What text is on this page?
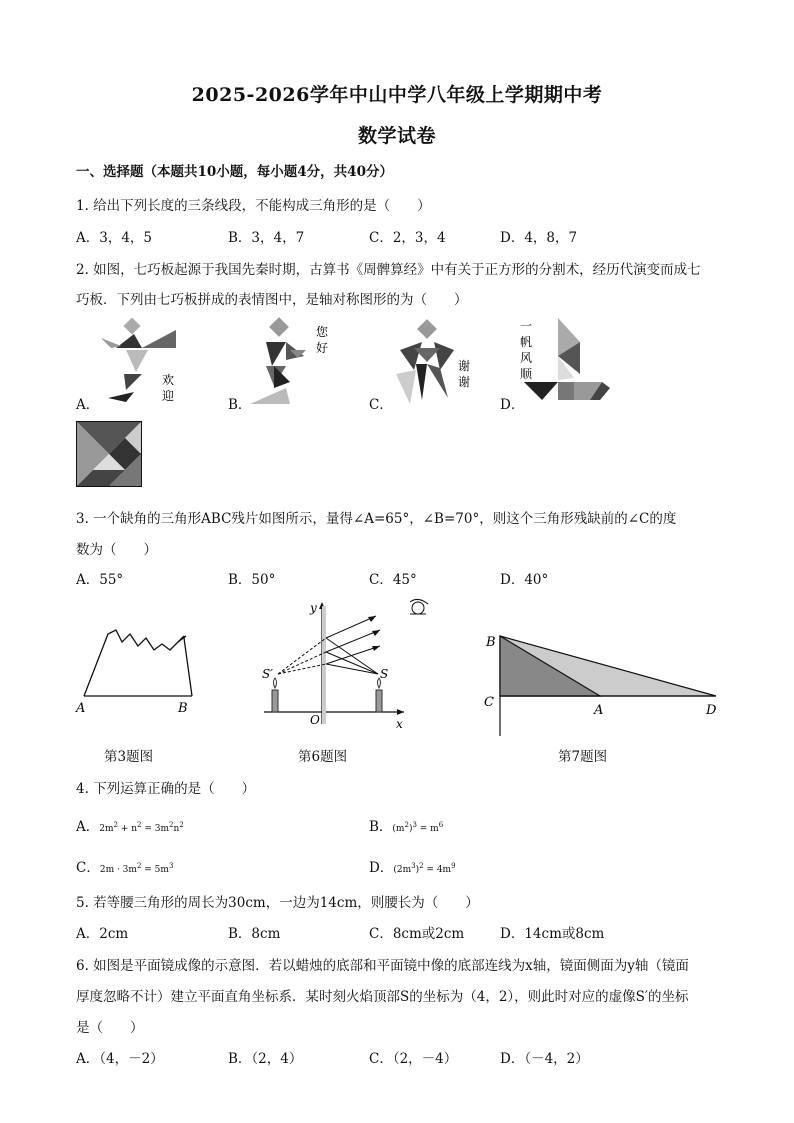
2025-2026学年中山中学八年级上学期期中考
数学试卷
一、选择题（本题共10小题，每小题4分，共40分）
1. 给出下列长度的三条线段，不能构成三角形的是（　　）
A．3，4，5	B．3，4，7	C．2，3，4	D．4，8，7
2. 如图，七巧板起源于我国先秦时期，古算书《周髀算经》中有关于正方形的分割术，经历代演变而成七
巧板．下列由七巧板拼成的表情图中，是轴对称图形的为（　　）
欢
迎
A．
您
好
B．
谢
谢
C．
一
帆
风
顺
D．
3. 一个缺角的三角形ABC残片如图所示，量得∠A=65°，∠B=70°，则这个三角形残缺前的∠C的度
数为（　　）
A．55°	B．50°	C．45°	D．40°
A	B
第3题图
y
x
O
S′	S
第6题图
B
C
A	D
第7题图
4. 下列运算正确的是（　　）
A．$2m^2 + n^2 = 3m^2n^2$	B．$(m^2)^3 = m^6$
C．$2m \cdot 3m^2 = 5m^3$	D．$(2m^3)^2 = 4m^9$
5. 若等腰三角形的周长为30cm，一边为14cm，则腰长为（　　）
A．2cm	B．8cm	C．8cm或2cm	D．14cm或8cm
6. 如图是平面镜成像的示意图．若以蜡烛的底部和平面镜中像的底部连线为x轴，镜面侧面为y轴（镜面
厚度忽略不计）建立平面直角坐标系．某时刻火焰顶部S的坐标为（4，2），则此时对应的虚像S′的坐标
是（　　）
A．（4，－2）	B．（2，4）	C．（2，－4）	D．（－4，2）
